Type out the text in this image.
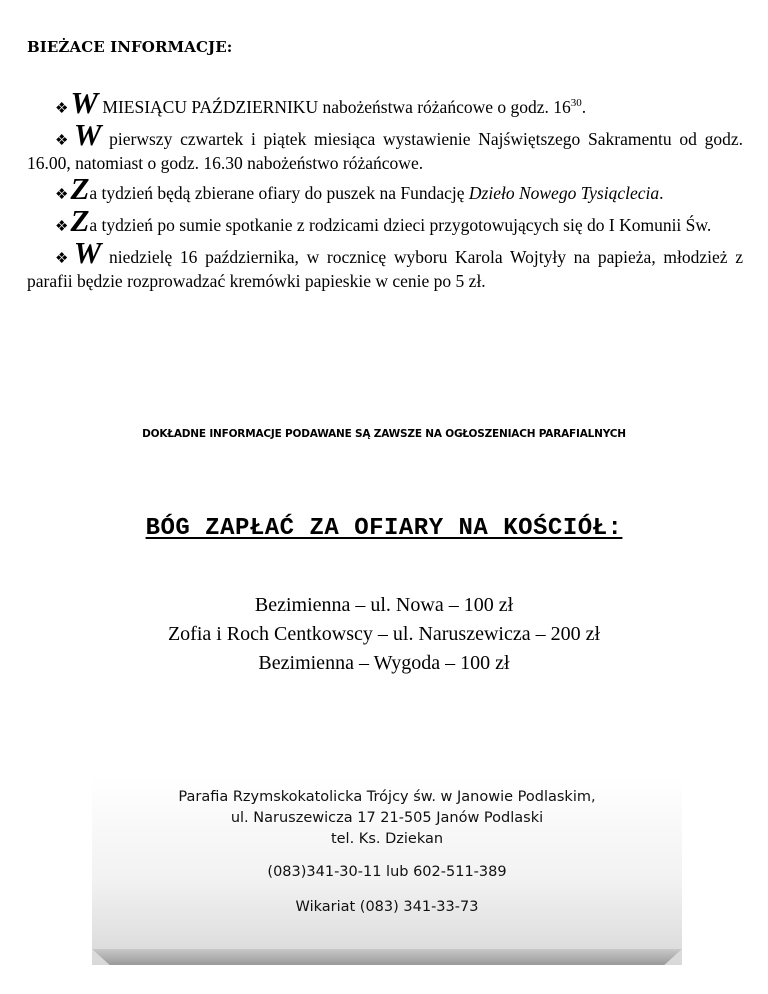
BIEŻACE INFORMACJE:
❖W MIESIĄCU PAŹDZIERNIKU nabożeństwa różańcowe o godz. $16^{30}$.
❖W pierwszy czwartek i piątek miesiąca wystawienie Najświętszego Sakramentu od godz. 16.00, natomiast o godz. 16.30 nabożeństwo różańcowe.
❖Za tydzień będą zbierane ofiary do puszek na Fundację Dzieło Nowego Tysiąclecia.
❖Za tydzień po sumie spotkanie z rodzicami dzieci przygotowujących się do I Komunii Św.
❖W niedzielę 16 października, w rocznicę wyboru Karola Wojtyły na papieża, młodzież z parafii będzie rozprowadzać kremówki papieskie w cenie po 5 zł.
DOKŁADNE INFORMACJE PODAWANE SĄ ZAWSZE NA OGŁOSZENIACH PARAFIALNYCH
BÓG ZAPŁAĆ ZA OFIARY NA KOŚCIÓŁ:
Bezimienna – ul. Nowa – 100 zł
Zofia i Roch Centkowscy – ul. Naruszewicza – 200 zł
Bezimienna – Wygoda – 100 zł
Parafia Rzymskokatolicka Trójcy św. w Janowie Podlaskim,
ul. Naruszewicza 17 21-505 Janów Podlaski
tel. Ks. Dziekan
(083)341-30-11 lub 602-511-389
Wikariat (083) 341-33-73
